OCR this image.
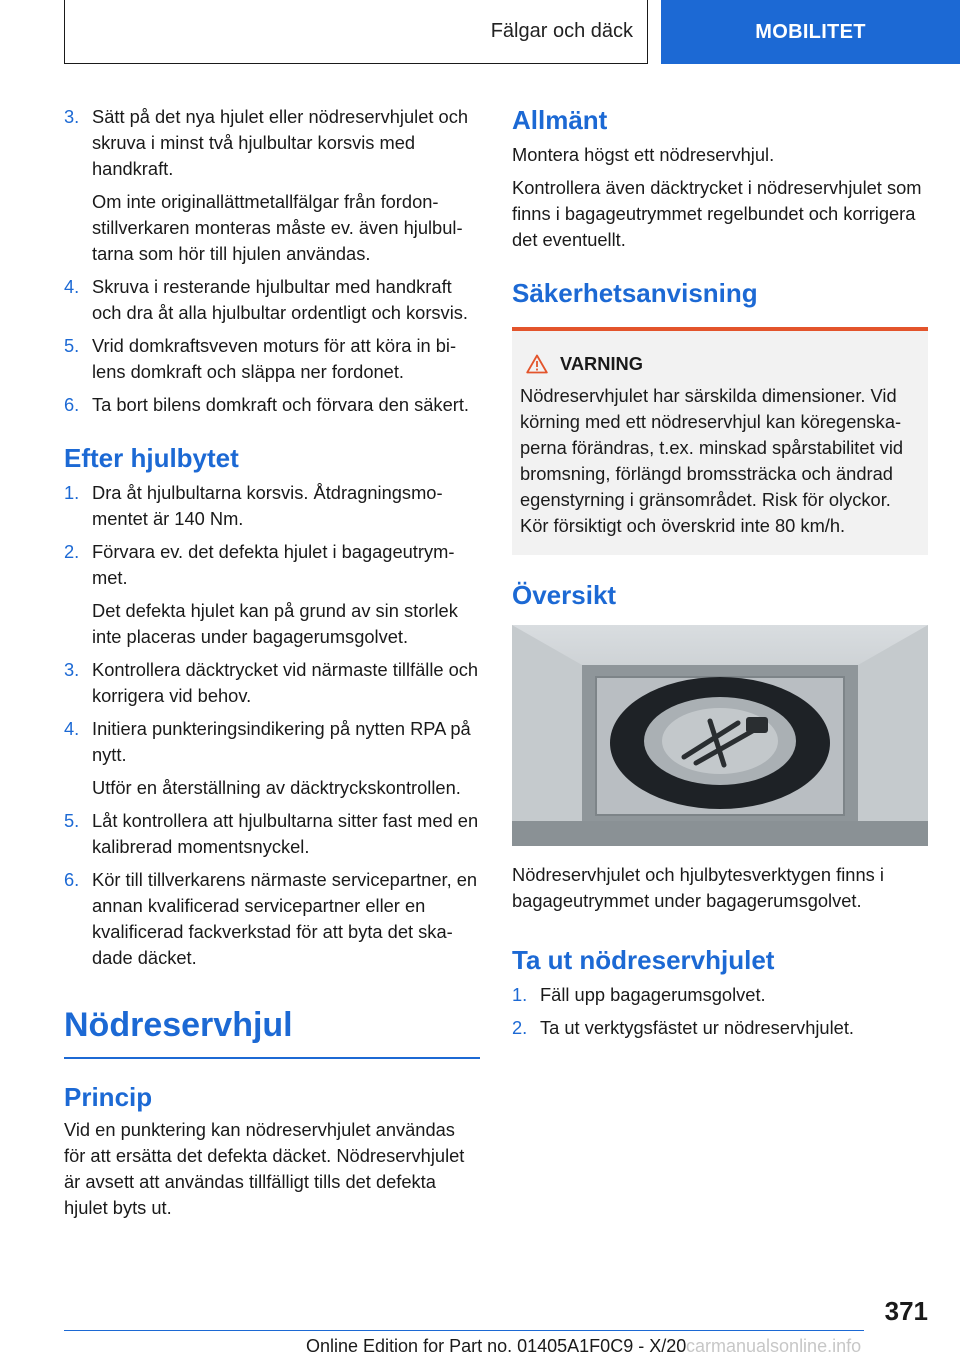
Fälgar och däck	MOBILITET
3. Sätt på det nya hjulet eller nödreservhjulet och skruva i minst två hjulbultar korsvis med handkraft.

Om inte originallättmetallfälgar från fordonstillverkaren monteras måste ev. även hjulbultarna som hör till hjulen användas.

4. Skruva i resterande hjulbultar med handkraft och dra åt alla hjulbultar ordentligt och korsvis.

5. Vrid domkraftsveven moturs för att köra in bilens domkraft och släppa ner fordonet.

6. Ta bort bilens domkraft och förvara den säkert.

Efter hjulbytet
1. Dra åt hjulbultarna korsvis. Åtdragningsmomentet är 140 Nm.

2. Förvara ev. det defekta hjulet i bagageutrymmet.

Det defekta hjulet kan på grund av sin storlek inte placeras under bagagerumsgolvet.

3. Kontrollera däcktrycket vid närmaste tillfälle och korrigera vid behov.

4. Initiera punkteringsindikering på nytten RPA på nytt.

Utför en återställning av däcktryckskontrollen.

5. Låt kontrollera att hjulbultarna sitter fast med en kalibrerad momentsnyckel.

6. Kör till tillverkarens närmaste servicepartner, en annan kvalificerad servicepartner eller en kvalificerad fackverkstad för att byta det skadade däcket.

Nödreservhjul
Princip

Vid en punktering kan nödreservhjulet användas för att ersätta det defekta däcket. Nödreservhjulet är avsett att användas tillfälligt tills det defekta hjulet byts ut.

Allmänt

Montera högst ett nödreservhjul.

Kontrollera även däcktrycket i nödreservhjulet som finns i bagageutrymmet regelbundet och korrigera det eventuellt.

Säkerhetsanvisning
VARNING

Nödreservhjulet har särskilda dimensioner. Vid körning med ett nödreservhjul kan köregenskaperna förändras, t.ex. minskad spårstabilitet vid bromsning, förlängd bromssträcka och ändrad egenstyrning i gränsområdet. Risk för olyckor. Kör försiktigt och överskrid inte 80 km/h.

Översikt

Nödreservhjulet och hjulbytesverktygen finns i bagageutrymmet under bagagerumsgolvet.

Ta ut nödreservhjulet
1. Fäll upp bagagerumsgolvet.

2. Ta ut verktygsfästet ur nödreservhjulet.

371
Online Edition for Part no. 01405A1F0C9 - X/20 carmanualsonline.info
